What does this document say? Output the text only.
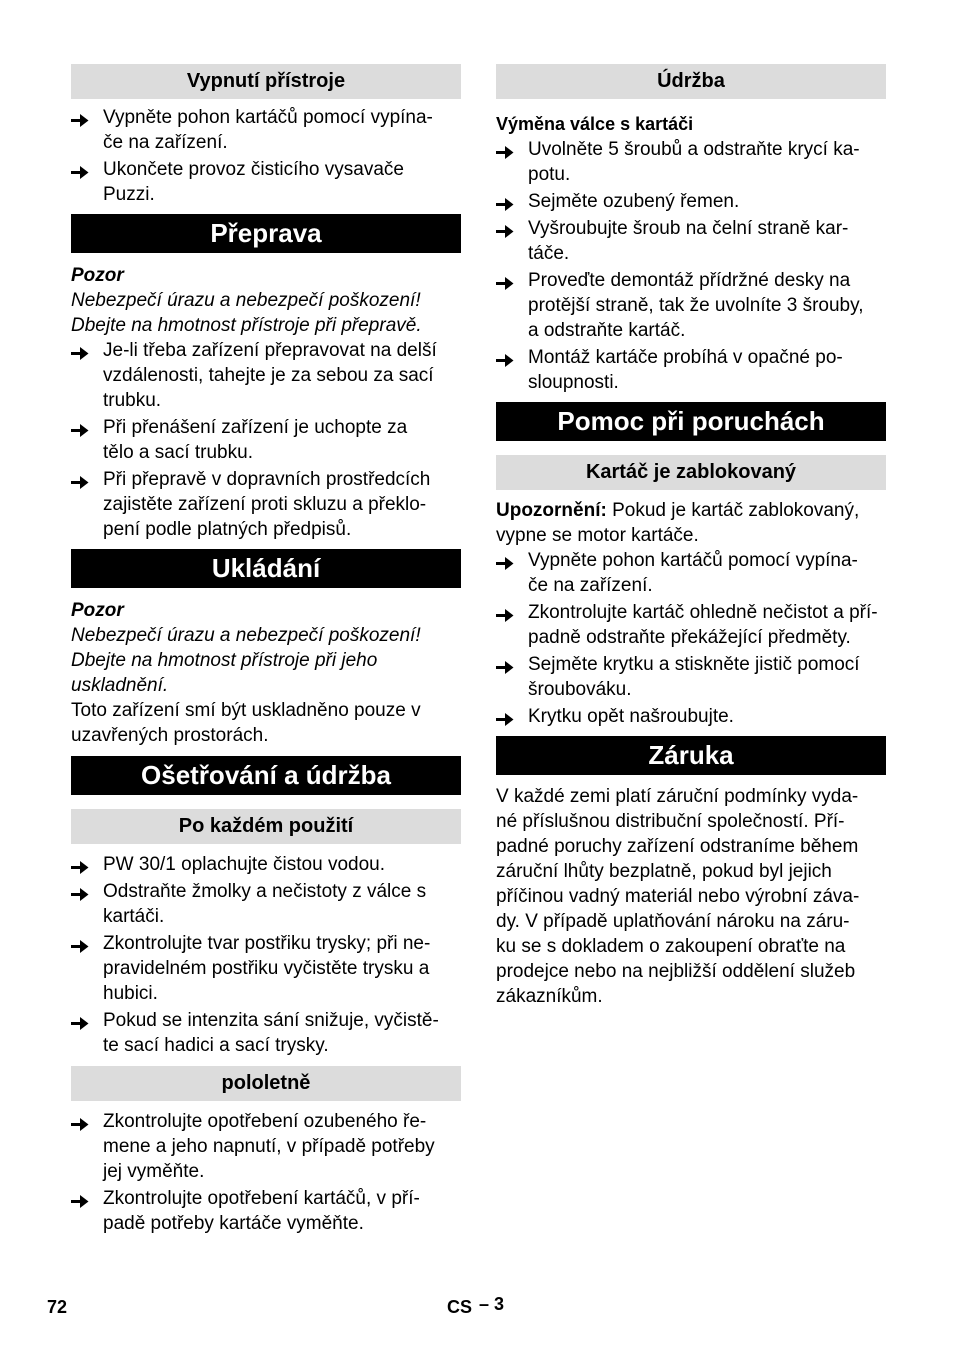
Vypnutí přístroje
Vypněte pohon kartáčů pomocí vypína-
če na zařízení.
Ukončete provoz čisticího vysavače
Puzzi.
Přeprava

Pozor

Nebezpečí úrazu a nebezpečí poškození!
Dbejte na hmotnost přístroje při přepravě.

Je-li třeba zařízení přepravovat na delší
vzdálenosti, tahejte je za sebou za sací
trubku.
Při přenášení zařízení je uchopte za
tělo a sací trubku.
Při přepravě v dopravních prostředcích
zajistěte zařízení proti skluzu a překlo-
pení podle platných předpisů.
Ukládání

Pozor

Nebezpečí úrazu a nebezpečí poškození!
Dbejte na hmotnost přístroje při jeho
uskladnění.

Toto zařízení smí být uskladněno pouze v
uzavřených prostorách.

Ošetřování a údržba
Po každém použití
PW 30/1 oplachujte čistou vodou.
Odstraňte žmolky a nečistoty z válce s
kartáči.
Zkontrolujte tvar postřiku trysky; při ne-
pravidelném postřiku vyčistěte trysku a
hubici.
Pokud se intenzita sání snižuje, vyčistě-
te sací hadici a sací trysky.
pololetně
Zkontrolujte opotřebení ozubeného ře-
mene a jeho napnutí, v případě potřeby
jej vyměňte.
Zkontrolujte opotřebení kartáčů, v pří-
padě potřeby kartáče vyměňte.
Údržba

Výměna válce s kartáči

Uvolněte 5 šroubů a odstraňte krycí ka-
potu.
Sejměte ozubený řemen.
Vyšroubujte šroub na čelní straně kar-
táče.
Proveďte demontáž přídržné desky na
protější straně, tak že uvolníte 3 šrouby,
a odstraňte kartáč.
Montáž kartáče probíhá v opačné po-
sloupnosti.
Pomoc při poruchách
Kartáč je zablokovaný

Upozornění: Pokud je kartáč zablokovaný,
vypne se motor kartáče.

Vypněte pohon kartáčů pomocí vypína-
če na zařízení.
Zkontrolujte kartáč ohledně nečistot a pří-
padně odstraňte překážející předměty.
Sejměte krytku a stiskněte jistič pomocí
šroubováku.
Krytku opět našroubujte.
Záruka

V každé zemi platí záruční podmínky vyda-
né příslušnou distribuční společností. Pří-
padné poruchy zařízení odstraníme během
záruční lhůty bezplatně, pokud byl jejich
příčinou vadný materiál nebo výrobní záva-
dy. V případě uplatňování nároku na záru-
ku se s dokladem o zakoupení obraťte na
prodejce nebo na nejbližší oddělení služeb
zákazníkům.

72	CS – 3
